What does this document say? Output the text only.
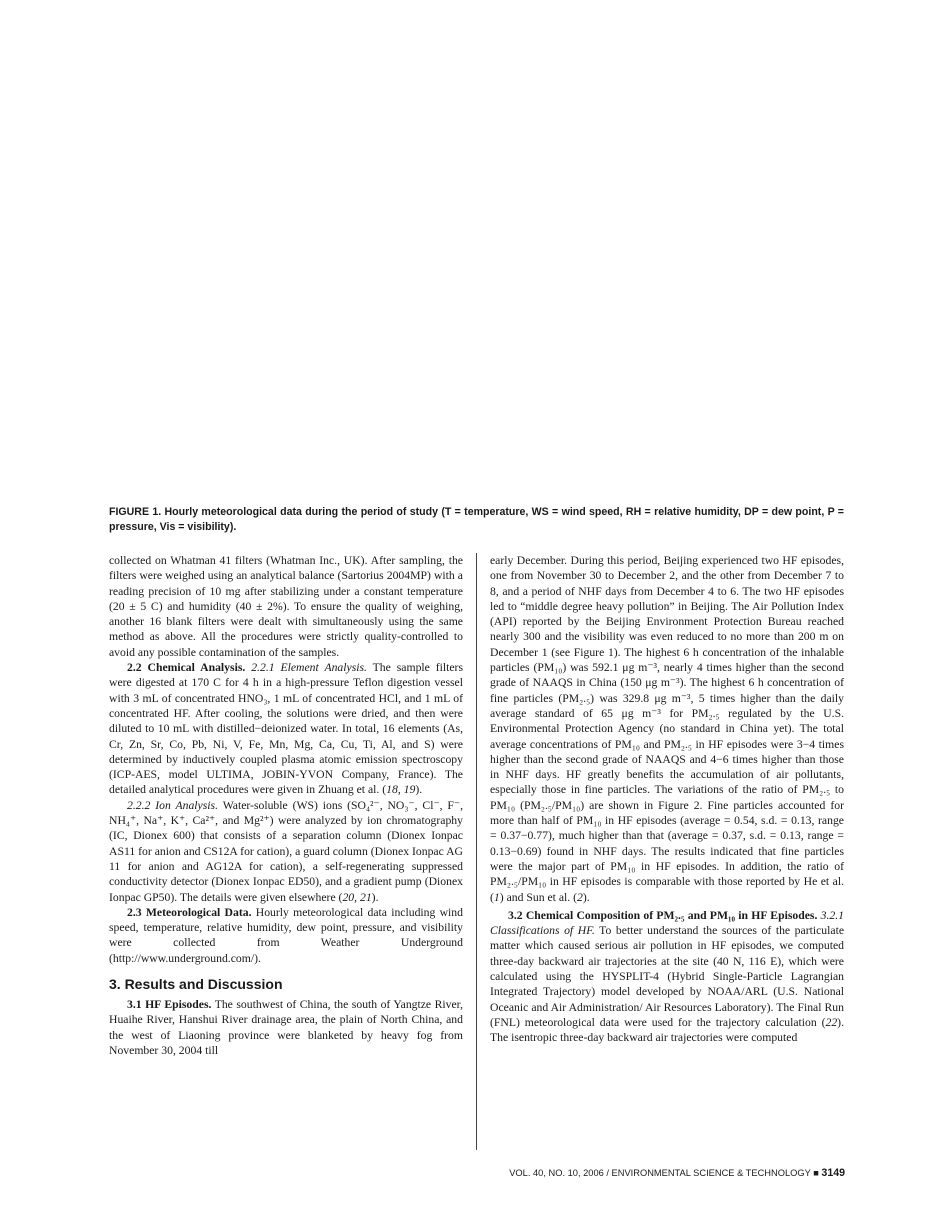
FIGURE 1. Hourly meteorological data during the period of study (T = temperature, WS = wind speed, RH = relative humidity, DP = dew point, P = pressure, Vis = visibility).

collected on Whatman 41 filters (Whatman Inc., UK). After sampling, the filters were weighed using an analytical balance (Sartorius 2004MP) with a reading precision of 10 mg after stabilizing under a constant temperature (20 ± 5 C) and humidity (40 ± 2%). To ensure the quality of weighing, another 16 blank filters were dealt with simultaneously using the same method as above. All the procedures were strictly quality-controlled to avoid any possible contamination of the samples.

2.2 Chemical Analysis. 2.2.1 Element Analysis. The sample filters were digested at 170 C for 4 h in a high-pressure Teflon digestion vessel with 3 mL of concentrated HNO₃, 1 mL of concentrated HCl, and 1 mL of concentrated HF. After cooling, the solutions were dried, and then were diluted to 10 mL with distilled−deionized water. In total, 16 elements (As, Cr, Zn, Sr, Co, Pb, Ni, V, Fe, Mn, Mg, Ca, Cu, Ti, Al, and S) were determined by inductively coupled plasma atomic emission spectroscopy (ICP-AES, model ULTIMA, JOBIN-YVON Company, France). The detailed analytical procedures were given in Zhuang et al. (18, 19).

2.2.2 Ion Analysis. Water-soluble (WS) ions (SO₄²⁻, NO₃⁻, Cl⁻, F⁻, NH₄⁺, Na⁺, K⁺, Ca²⁺, and Mg²⁺) were analyzed by ion chromatography (IC, Dionex 600) that consists of a separation column (Dionex Ionpac AS11 for anion and CS12A for cation), a guard column (Dionex Ionpac AG 11 for anion and AG12A for cation), a self-regenerating suppressed conductivity detector (Dionex Ionpac ED50), and a gradient pump (Dionex Ionpac GP50). The details were given elsewhere (20, 21).

2.3 Meteorological Data. Hourly meteorological data including wind speed, temperature, relative humidity, dew point, pressure, and visibility were collected from Weather Underground (http://www.underground.com/).

3. Results and Discussion

3.1 HF Episodes. The southwest of China, the south of Yangtze River, Huaihe River, Hanshui River drainage area, the plain of North China, and the west of Liaoning province were blanketed by heavy fog from November 30, 2004 till

early December. During this period, Beijing experienced two HF episodes, one from November 30 to December 2, and the other from December 7 to 8, and a period of NHF days from December 4 to 6. The two HF episodes led to “middle degree heavy pollution” in Beijing. The Air Pollution Index (API) reported by the Beijing Environment Protection Bureau reached nearly 300 and the visibility was even reduced to no more than 200 m on December 1 (see Figure 1). The highest 6 h concentration of the inhalable particles (PM₁₀) was 592.1 μg m⁻³, nearly 4 times higher than the second grade of NAAQS in China (150 μg m⁻³). The highest 6 h concentration of fine particles (PM₂.₅) was 329.8 μg m⁻³, 5 times higher than the daily average standard of 65 μg m⁻³ for PM₂.₅ regulated by the U.S. Environmental Protection Agency (no standard in China yet). The total average concentrations of PM₁₀ and PM₂.₅ in HF episodes were 3−4 times higher than the second grade of NAAQS and 4−6 times higher than those in NHF days. HF greatly benefits the accumulation of air pollutants, especially those in fine particles. The variations of the ratio of PM₂.₅ to PM₁₀ (PM₂.₅/PM₁₀) are shown in Figure 2. Fine particles accounted for more than half of PM₁₀ in HF episodes (average = 0.54, s.d. = 0.13, range = 0.37−0.77), much higher than that (average = 0.37, s.d. = 0.13, range = 0.13−0.69) found in NHF days. The results indicated that fine particles were the major part of PM₁₀ in HF episodes. In addition, the ratio of PM₂.₅/PM₁₀ in HF episodes is comparable with those reported by He et al. (1) and Sun et al. (2).

3.2 Chemical Composition of PM₂.₅ and PM₁₀ in HF Episodes. 3.2.1 Classifications of HF. To better understand the sources of the particulate matter which caused serious air pollution in HF episodes, we computed three-day backward air trajectories at the site (40 N, 116 E), which were calculated using the HYSPLIT-4 (Hybrid Single-Particle Lagrangian Integrated Trajectory) model developed by NOAA/ARL (U.S. National Oceanic and Air Administration/ Air Resources Laboratory). The Final Run (FNL) meteorological data were used for the trajectory calculation (22). The isentropic three-day backward air trajectories were computed

VOL. 40, NO. 10, 2006 / ENVIRONMENTAL SCIENCE & TECHNOLOGY ■ 3149
